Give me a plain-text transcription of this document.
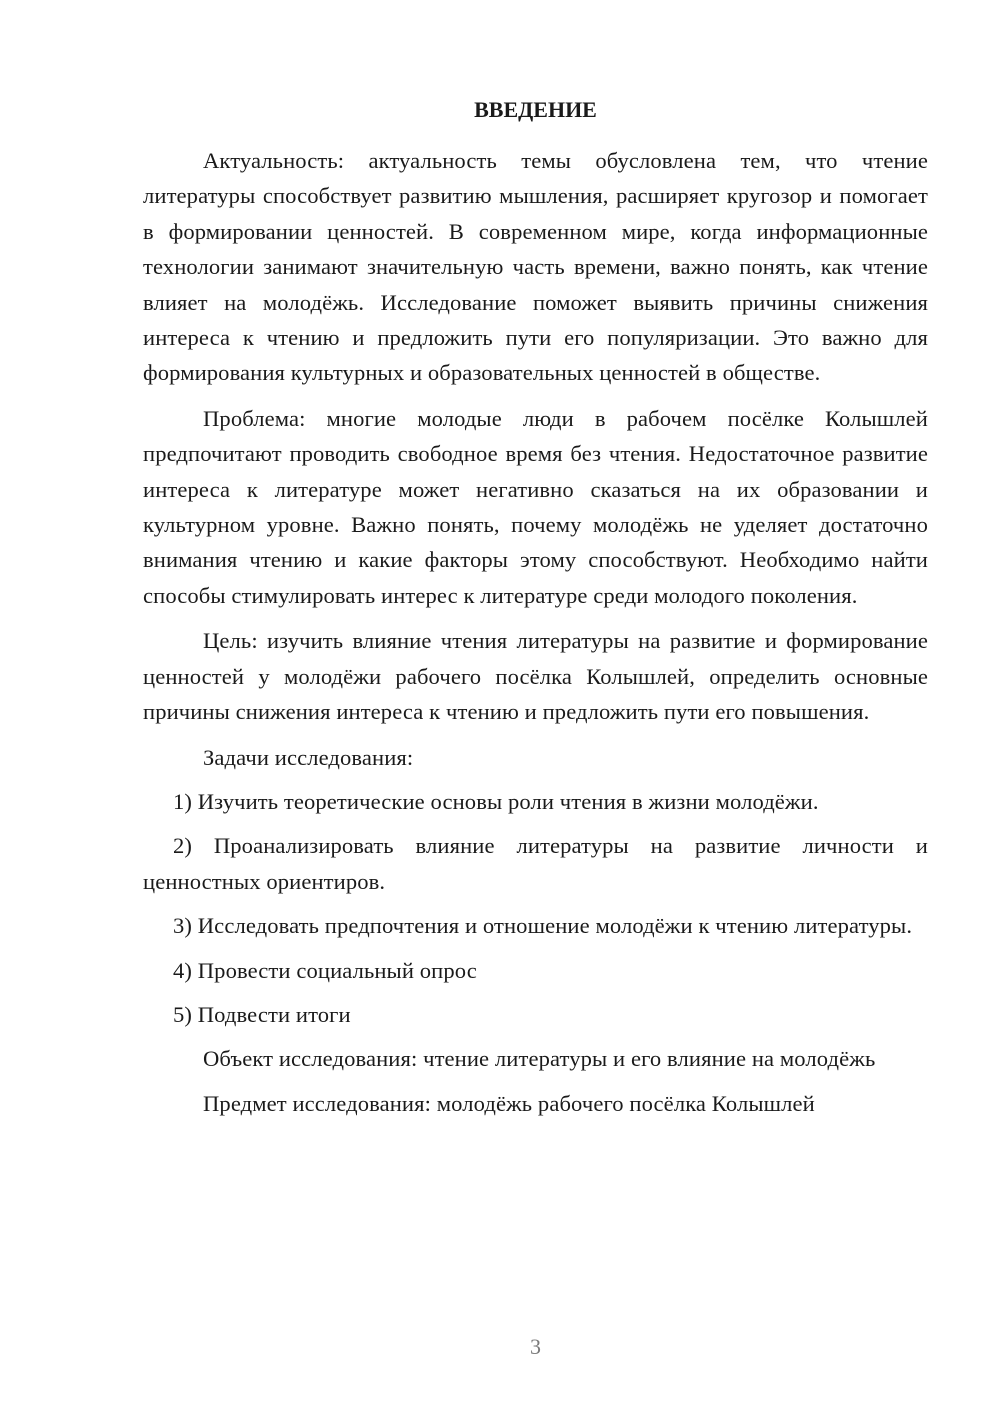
ВВЕДЕНИЕ

Актуальность: актуальность темы обусловлена тем, что чтение литературы способствует развитию мышления, расширяет кругозор и помогает в формировании ценностей. В современном мире, когда информационные технологии занимают значительную часть времени, важно понять, как чтение влияет на молодёжь. Исследование поможет выявить причины снижения интереса к чтению и предложить пути его популяризации. Это важно для формирования культурных и образовательных ценностей в обществе.

Проблема: многие молодые люди в рабочем посёлке Колышлей предпочитают проводить свободное время без чтения. Недостаточное развитие интереса к литературе может негативно сказаться на их образовании и культурном уровне. Важно понять, почему молодёжь не уделяет достаточно внимания чтению и какие факторы этому способствуют. Необходимо найти способы стимулировать интерес к литературе среди молодого поколения.

Цель: изучить влияние чтения литературы на развитие и формирование ценностей у молодёжи рабочего посёлка Колышлей, определить основные причины снижения интереса к чтению и предложить пути его повышения.

Задачи исследования:

1) Изучить теоретические основы роли чтения в жизни молодёжи.

2) Проанализировать влияние литературы на развитие личности и ценностных ориентиров.

3) Исследовать предпочтения и отношение молодёжи к чтению литературы.

4) Провести социальный опрос

5) Подвести итоги

Объект исследования: чтение литературы и его влияние на молодёжь

Предмет исследования: молодёжь рабочего посёлка Колышлей

3
